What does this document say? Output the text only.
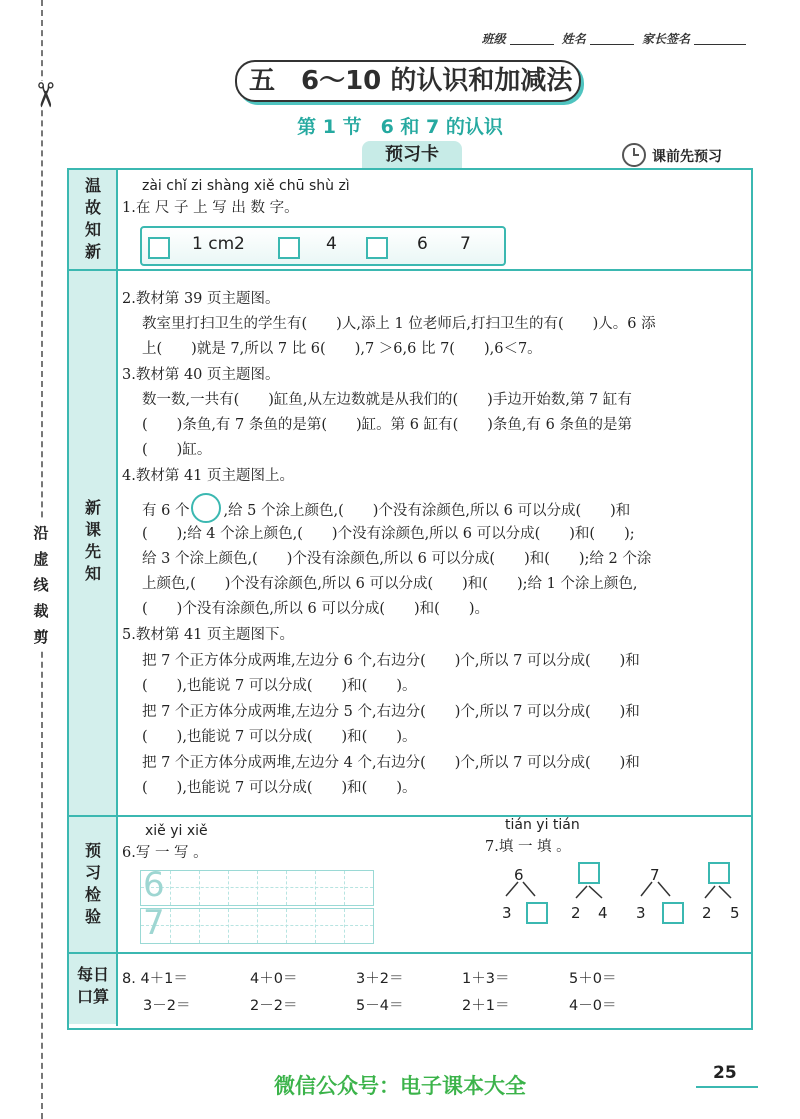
✂
沿虚线裁剪
班级	姓名	家长签名
五 6～10 的认识和加减法
第 1 节　6 和 7 的认识
预习卡	课前先预习
温故知新
新课先知
预习检验
每日口算
zài chǐ zi shàng xiě chū shù zì
1.在 尺 子 上 写 出 数 字。
1 cm 2	4	6 7
2.教材第 39 页主题图。
教室里打扫卫生的学生有(　　)人,添上 1 位老师后,打扫卫生的有(　　)人。6 添
上(　　)就是 7,所以 7 比 6(　　),7 ＞6,6 比 7(　　),6＜7。
3.教材第 40 页主题图。
数一数,一共有(　　)缸鱼,从左边数就是从我们的(　　)手边开始数,第 7 缸有
(　　)条鱼,有 7 条鱼的是第(　　)缸。第 6 缸有(　　)条鱼,有 6 条鱼的是第
(　　)缸。
4.教材第 41 页主题图上。
有 6 个 ,给 5 个涂上颜色,(　　)个没有涂颜色,所以 6 可以分成(　　)和
(　　);给 4 个涂上颜色,(　　)个没有涂颜色,所以 6 可以分成(　　)和(　　);
给 3 个涂上颜色,(　　)个没有涂颜色,所以 6 可以分成(　　)和(　　);给 2 个涂
上颜色,(　　)个没有涂颜色,所以 6 可以分成(　　)和(　　);给 1 个涂上颜色,
(　　)个没有涂颜色,所以 6 可以分成(　　)和(　　)。
5.教材第 41 页主题图下。
把 7 个正方体分成两堆,左边分 6 个,右边分(　　)个,所以 7 可以分成(　　)和
(　　),也能说 7 可以分成(　　)和(　　)。
把 7 个正方体分成两堆,左边分 5 个,右边分(　　)个,所以 7 可以分成(　　)和
(　　),也能说 7 可以分成(　　)和(　　)。
把 7 个正方体分成两堆,左边分 4 个,右边分(　　)个,所以 7 可以分成(　　)和
(　　),也能说 7 可以分成(　　)和(　　)。
xiě yi xiě
6.写 一 写 。
6
7
tián yi tián
7.填 一 填 。
6
3	2 4
7
3	2 5
8. 4＋1＝	4＋0＝	3＋2＝	1＋3＝	5＋0＝
3－2＝	2－2＝	5－4＝	2＋1＝	4－0＝
25
微信公众号：电子课本大全
